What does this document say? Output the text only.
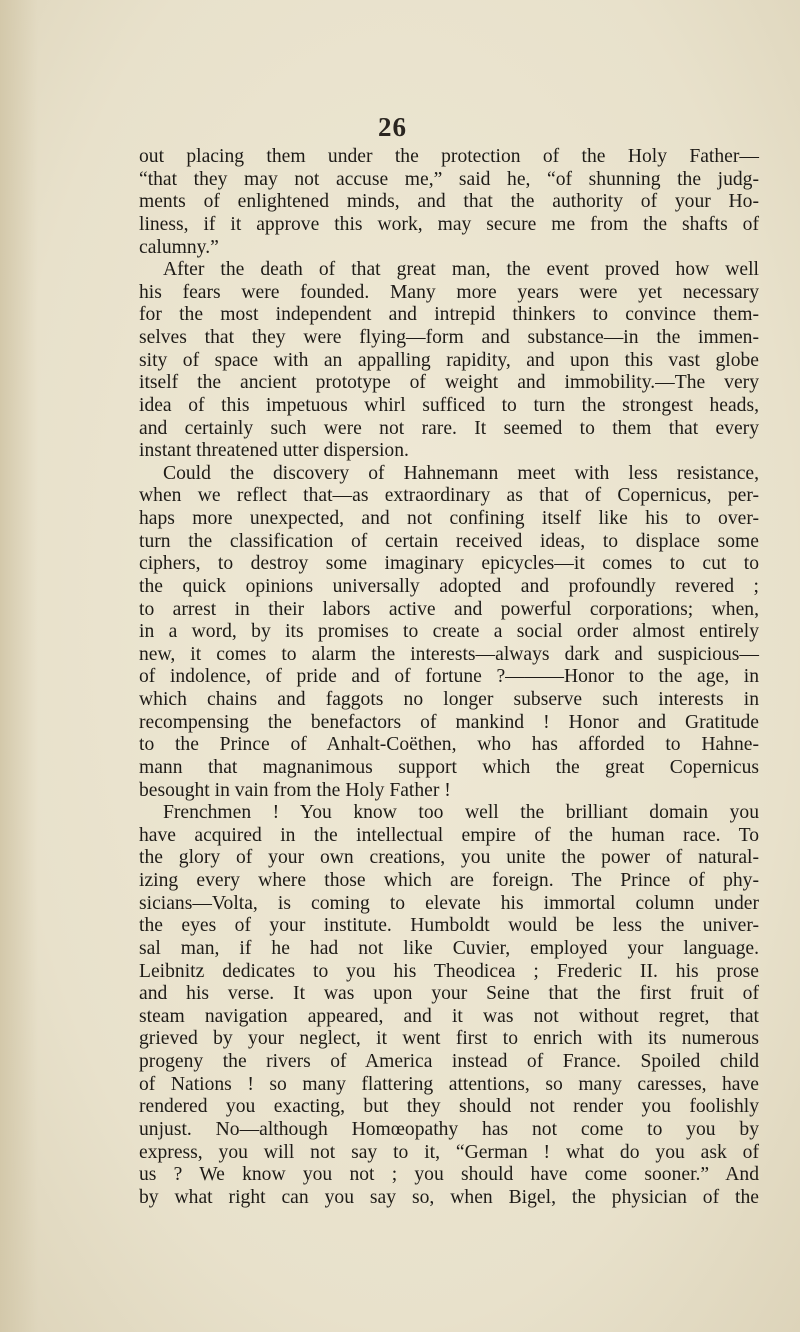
26
out placing them under the protection of the Holy Father—
“that they may not accuse me,” said he, “of shunning the judg-
ments of enlightened minds, and that the authority of your Ho-
liness, if it approve this work, may secure me from the shafts of
calumny.”
After the death of that great man, the event proved how well
his fears were founded. Many more years were yet necessary
for the most independent and intrepid thinkers to convince them-
selves that they were flying—form and substance—in the immen-
sity of space with an appalling rapidity, and upon this vast globe
itself the ancient prototype of weight and immobility.—The very
idea of this impetuous whirl sufficed to turn the strongest heads,
and certainly such were not rare. It seemed to them that every
instant threatened utter dispersion.
Could the discovery of Hahnemann meet with less resistance,
when we reflect that—as extraordinary as that of Copernicus, per-
haps more unexpected, and not confining itself like his to over-
turn the classification of certain received ideas, to displace some
ciphers, to destroy some imaginary epicycles—it comes to cut to
the quick opinions universally adopted and profoundly revered ;
to arrest in their labors active and powerful corporations; when,
in a word, by its promises to create a social order almost entirely
new, it comes to alarm the interests—always dark and suspicious—
of indolence, of pride and of fortune ?———Honor to the age, in
which chains and faggots no longer subserve such interests in
recompensing the benefactors of mankind ! Honor and Gratitude
to the Prince of Anhalt-Coëthen, who has afforded to Hahne-
mann that magnanimous support which the great Copernicus
besought in vain from the Holy Father !
Frenchmen ! You know too well the brilliant domain you
have acquired in the intellectual empire of the human race. To
the glory of your own creations, you unite the power of natural-
izing every where those which are foreign. The Prince of phy-
sicians—Volta, is coming to elevate his immortal column under
the eyes of your institute. Humboldt would be less the univer-
sal man, if he had not like Cuvier, employed your language.
Leibnitz dedicates to you his Theodicea ; Frederic II. his prose
and his verse. It was upon your Seine that the first fruit of
steam navigation appeared, and it was not without regret, that
grieved by your neglect, it went first to enrich with its numerous
progeny the rivers of America instead of France. Spoiled child
of Nations ! so many flattering attentions, so many caresses, have
rendered you exacting, but they should not render you foolishly
unjust. No—although Homœopathy has not come to you by
express, you will not say to it, “German ! what do you ask of
us ? We know you not ; you should have come sooner.” And
by what right can you say so, when Bigel, the physician of the
